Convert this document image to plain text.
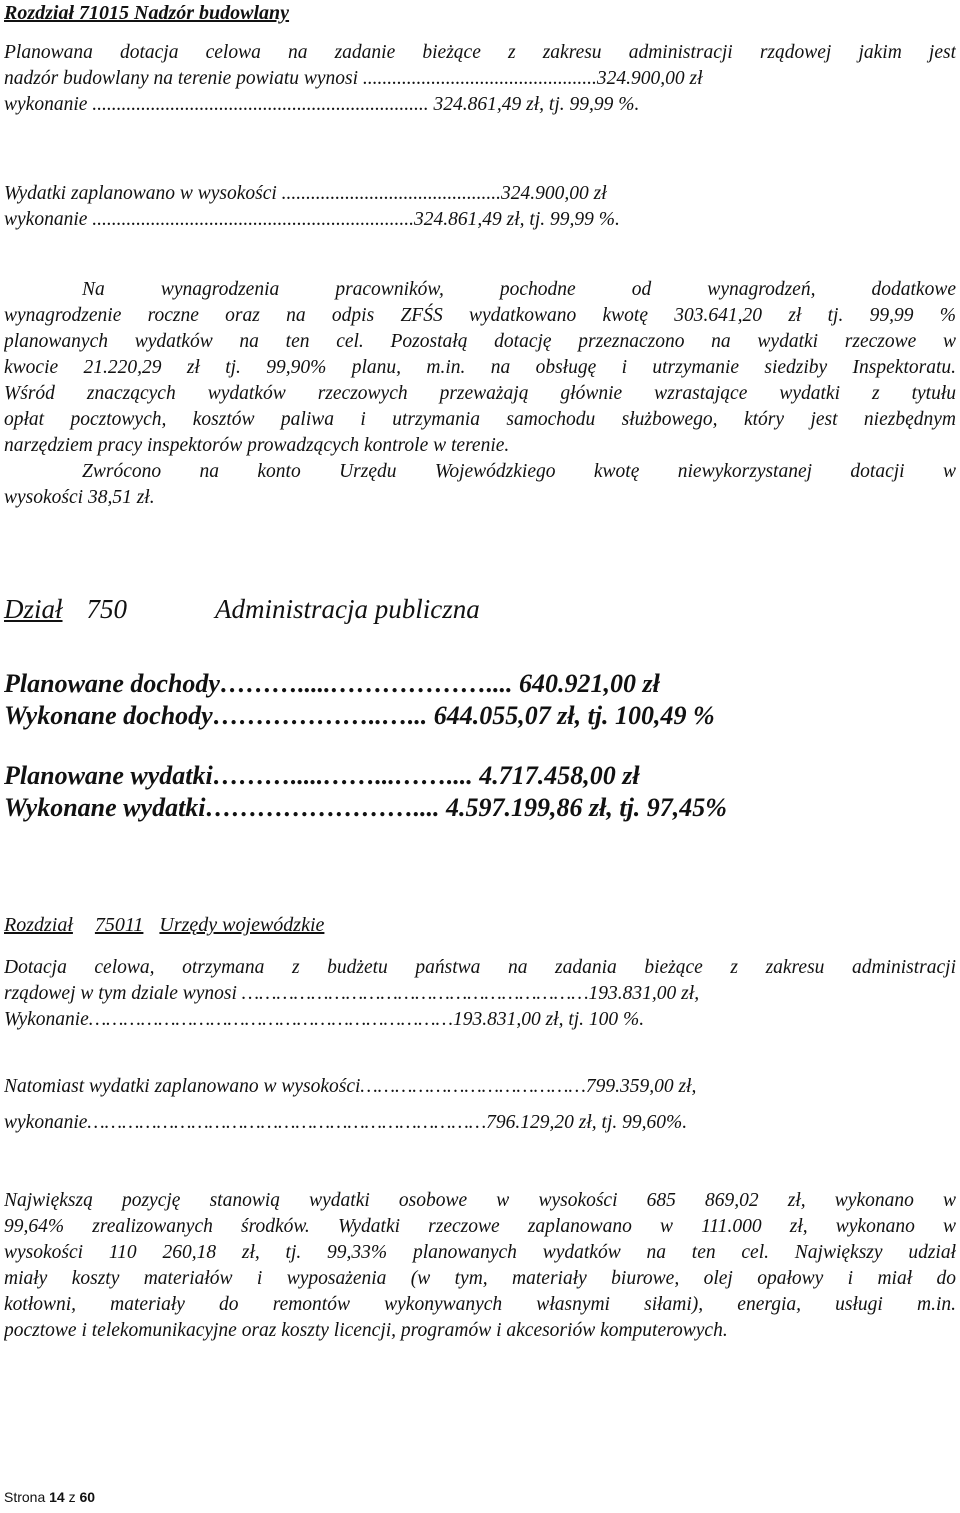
Rozdział 71015 Nadzór budowlany
Planowana dotacja celowa na zadanie bieżące z zakresu administracji rządowej jakim jest
nadzór budowlany na terenie powiatu wynosi ................................................324.900,00 zł
wykonanie ..................................................................... 324.861,49 zł, tj. 99,99 %.
Wydatki zaplanowano w wysokości .............................................324.900,00 zł
wykonanie ..................................................................324.861,49 zł, tj. 99,99 %.
Na wynagrodzenia pracowników, pochodne od wynagrodzeń, dodatkowe
wynagrodzenie roczne oraz na odpis ZFŚS wydatkowano kwotę 303.641,20 zł tj. 99,99 %
planowanych wydatków na ten cel. Pozostałą dotację przeznaczono na wydatki rzeczowe w
kwocie 21.220,29 zł tj. 99,90% planu, m.in. na obsługę i utrzymanie siedziby Inspektoratu.
Wśród znaczących wydatków rzeczowych przeważają głównie wzrastające wydatki z tytułu
opłat pocztowych, kosztów paliwa i utrzymania samochodu służbowego, który jest niezbędnym
narzędziem pracy inspektorów prowadzących kontrole w terenie.
Zwrócono na konto Urzędu Wojewódzkiego kwotę niewykorzystanej dotacji w
wysokości 38,51 zł.
Dział 750	Administracja publiczna
Planowane dochody……….....……………….... 640.921,00 zł
Wykonane dochody………………..…... 644.055,07 zł, tj. 100,49 %
Planowane wydatki……….....……...…….... 4.717.458,00 zł
Wykonane wydatki…………………….... 4.597.199,86 zł, tj. 97,45%
Rozdział 75011 Urzędy wojewódzkie
Dotacja celowa, otrzymana z budżetu państwa na zadania bieżące z zakresu administracji
rządowej w tym dziale wynosi ……………………………………………………193.831,00 zł,
Wykonanie………………………………………………………193.831,00 zł, tj. 100 %.
Natomiast wydatki zaplanowano w wysokości…………………………………799.359,00 zł,
wykonanie……………………………………………………………796.129,20 zł, tj. 99,60%.
Największą pozycję stanowią wydatki osobowe w wysokości 685 869,02 zł, wykonano w
99,64% zrealizowanych środków. Wydatki rzeczowe zaplanowano w 111.000 zł, wykonano w
wysokości 110 260,18 zł, tj. 99,33% planowanych wydatków na ten cel. Największy udział
miały koszty materiałów i wyposażenia (w tym, materiały biurowe, olej opałowy i miał do
kotłowni, materiały do remontów wykonywanych własnymi siłami), energia, usługi m.in.
pocztowe i telekomunikacyjne oraz koszty licencji, programów i akcesoriów komputerowych.
Strona 14 z 60
